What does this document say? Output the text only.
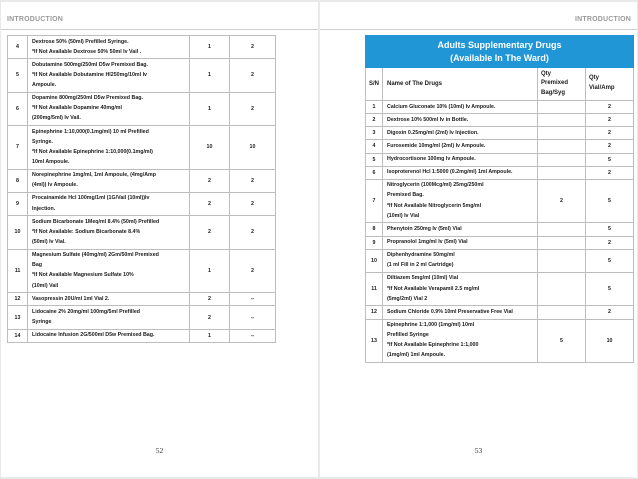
INTRODUCTION
4	Dextrose 50% (50ml) Prefilled Syringe.
*If Not Available Dextrose 50% 50ml Iv Vail .	1	2
5	Dobutamine 500mg/250ml D5w Premixed Bag.
*If Not Available Dobutamine Hl250mg/10ml Iv
Ampoule.	1	2
6	Dopamine 800mg/250ml D5w Premixed Bag.
*If Not Available Dopamine 40mg/ml
(200mg/5ml) Iv Vail.	1	2
7	Epinephrine 1:10,000(0.1mg/ml) 10 ml Prefilled
Syringe.
*If Not Available Epinephrine 1:10,000(0.1mg/ml)
10ml Ampoule.	10	10
8	Norepinephrine 1mg/ml, 1ml Ampoule, (4mg/Amp
(4ml)) Iv Ampoule.	2	2
9	Procainamide Hcl 100mg/1ml (1G/Vail (10ml))Iv
Injection.	2	2
10	Sodium Bicarbonate 1Meq/ml 8.4% (50ml) Prefilled
*If Not Available: Sodium Bicarbonate 8.4%
(50ml) Iv Vial.	2	2
11	Magnesium Sulfate (40mg/ml) 2Gm/50ml Premixed
Bag
*If Not Available Magnesium Sulfate 10%
(10ml) Vail	1	2
12	Vasopressin 20U/ml 1ml Vial 2.	2	--
13	Lidocaine 2% 20mg/ml 100mg/5ml Prefilled
Syringe	2	--
14	Lidocaine Infusion 2G/500ml D5w Premixed Bag.	1	--
52
INTRODUCTION
Adults Supplementary Drugs
(Available In The Ward)			

S/N	Name of The Drugs	Qty
Premixed
Bag/Syg	Qty
Vial/Amp

1	Calcium Gluconate 10% (10ml) Iv Ampoule.		2
2	Dextrose 10% 500ml Iv in Bottle.		2
3	Digoxin 0.25mg/ml (2ml) Iv Injection.		2
4	Furosemide 10mg/ml (2ml) Iv Ampoule.		2
5	Hydrocortisone 100mg Iv Ampoule.		5
6	Isoproterenol Hcl 1:5000 (0.2mg/ml) 1ml Ampoule.		2
7	Nitroglycerin (100Mcg/ml) 25mg/250ml
Premixed Bag.
*If Not Available Nitroglycerin 5mg/ml
(10ml) Iv Vial	2	5
8	Phenytoin 250mg Iv (5ml) Vial		5
9	Propranolol 1mg/ml Iv (5ml) Vial		2
10	Diphenhydramine 50mg/ml
(1 ml Fill in 2 ml Cartridge)		5
11	Diltiazem 5mg/ml (10ml) Vial
*If Not Available Verapamil 2.5 mg/ml
(5mg/2ml) Vial 2		5
12	Sodium Chloride 0.9% 10ml Preservative Free Vial		2
13	Epinephrine 1:1,000 (1mg/ml) 10ml
Prefilled Syringe
*If Not Available Epinephrine 1:1,000
(1mg/ml) 1ml Ampoule.	5	10
53
